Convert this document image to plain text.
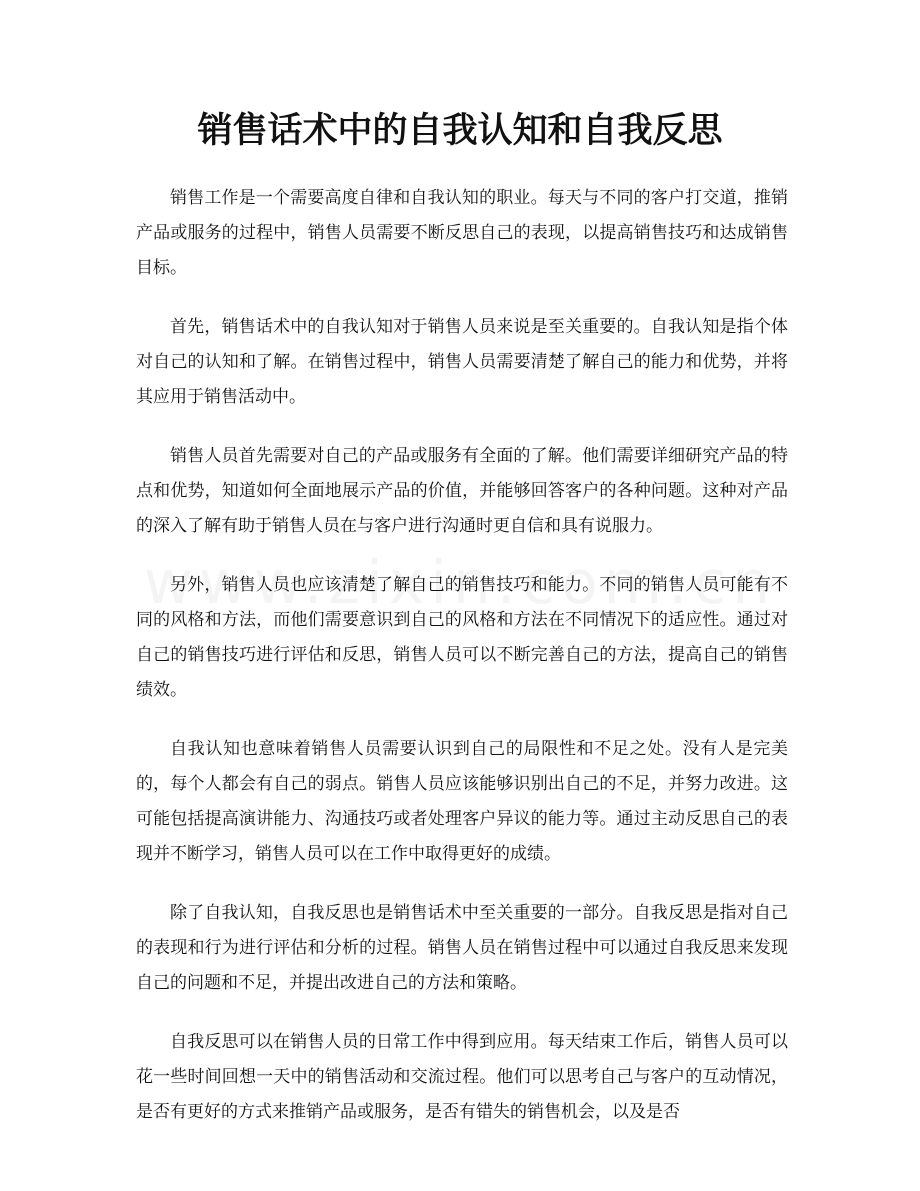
销售话术中的自我认知和自我反思

销售工作是一个需要高度自律和自我认知的职业。每天与不同的客户打交道，推销产品或服务的过程中，销售人员需要不断反思自己的表现，以提高销售技巧和达成销售目标。

首先，销售话术中的自我认知对于销售人员来说是至关重要的。自我认知是指个体对自己的认知和了解。在销售过程中，销售人员需要清楚了解自己的能力和优势，并将其应用于销售活动中。

销售人员首先需要对自己的产品或服务有全面的了解。他们需要详细研究产品的特点和优势，知道如何全面地展示产品的价值，并能够回答客户的各种问题。这种对产品的深入了解有助于销售人员在与客户进行沟通时更自信和具有说服力。

另外，销售人员也应该清楚了解自己的销售技巧和能力。不同的销售人员可能有不同的风格和方法，而他们需要意识到自己的风格和方法在不同情况下的适应性。通过对自己的销售技巧进行评估和反思，销售人员可以不断完善自己的方法，提高自己的销售绩效。

自我认知也意味着销售人员需要认识到自己的局限性和不足之处。没有人是完美的，每个人都会有自己的弱点。销售人员应该能够识别出自己的不足，并努力改进。这可能包括提高演讲能力、沟通技巧或者处理客户异议的能力等。通过主动反思自己的表现并不断学习，销售人员可以在工作中取得更好的成绩。

除了自我认知，自我反思也是销售话术中至关重要的一部分。自我反思是指对自己的表现和行为进行评估和分析的过程。销售人员在销售过程中可以通过自我反思来发现自己的问题和不足，并提出改进自己的方法和策略。

自我反思可以在销售人员的日常工作中得到应用。每天结束工作后，销售人员可以花一些时间回想一天中的销售活动和交流过程。他们可以思考自己与客户的互动情况，是否有更好的方式来推销产品或服务，是否有错失的销售机会，以及是否
